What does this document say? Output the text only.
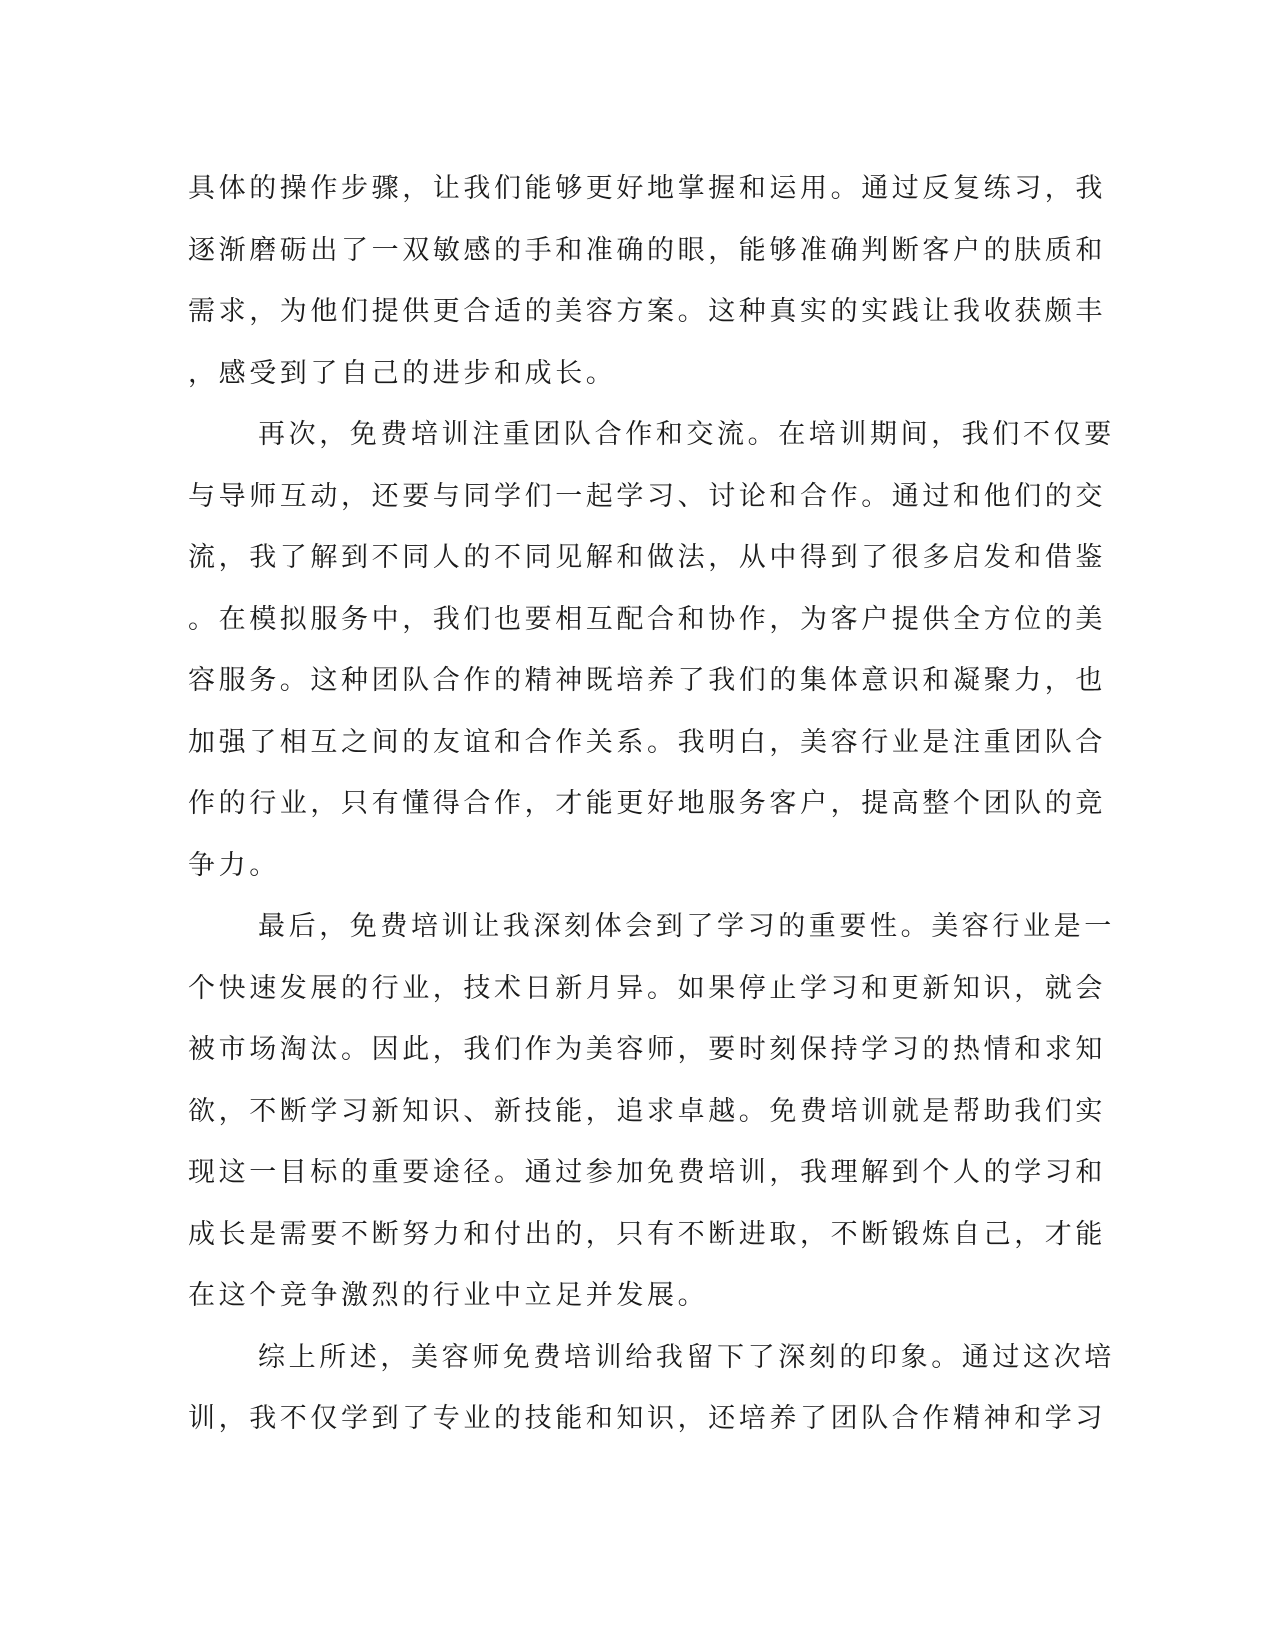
具体的操作步骤，让我们能够更好地掌握和运用。通过反复练习，我
逐渐磨砺出了一双敏感的手和准确的眼，能够准确判断客户的肤质和
需求，为他们提供更合适的美容方案。这种真实的实践让我收获颇丰
，感受到了自己的进步和成长。
再次，免费培训注重团队合作和交流。在培训期间，我们不仅要
与导师互动，还要与同学们一起学习、讨论和合作。通过和他们的交
流，我了解到不同人的不同见解和做法，从中得到了很多启发和借鉴
。在模拟服务中，我们也要相互配合和协作，为客户提供全方位的美
容服务。这种团队合作的精神既培养了我们的集体意识和凝聚力，也
加强了相互之间的友谊和合作关系。我明白，美容行业是注重团队合
作的行业，只有懂得合作，才能更好地服务客户，提高整个团队的竞
争力。
最后，免费培训让我深刻体会到了学习的重要性。美容行业是一
个快速发展的行业，技术日新月异。如果停止学习和更新知识，就会
被市场淘汰。因此，我们作为美容师，要时刻保持学习的热情和求知
欲，不断学习新知识、新技能，追求卓越。免费培训就是帮助我们实
现这一目标的重要途径。通过参加免费培训，我理解到个人的学习和
成长是需要不断努力和付出的，只有不断进取，不断锻炼自己，才能
在这个竞争激烈的行业中立足并发展。
综上所述，美容师免费培训给我留下了深刻的印象。通过这次培
训，我不仅学到了专业的技能和知识，还培养了团队合作精神和学习
